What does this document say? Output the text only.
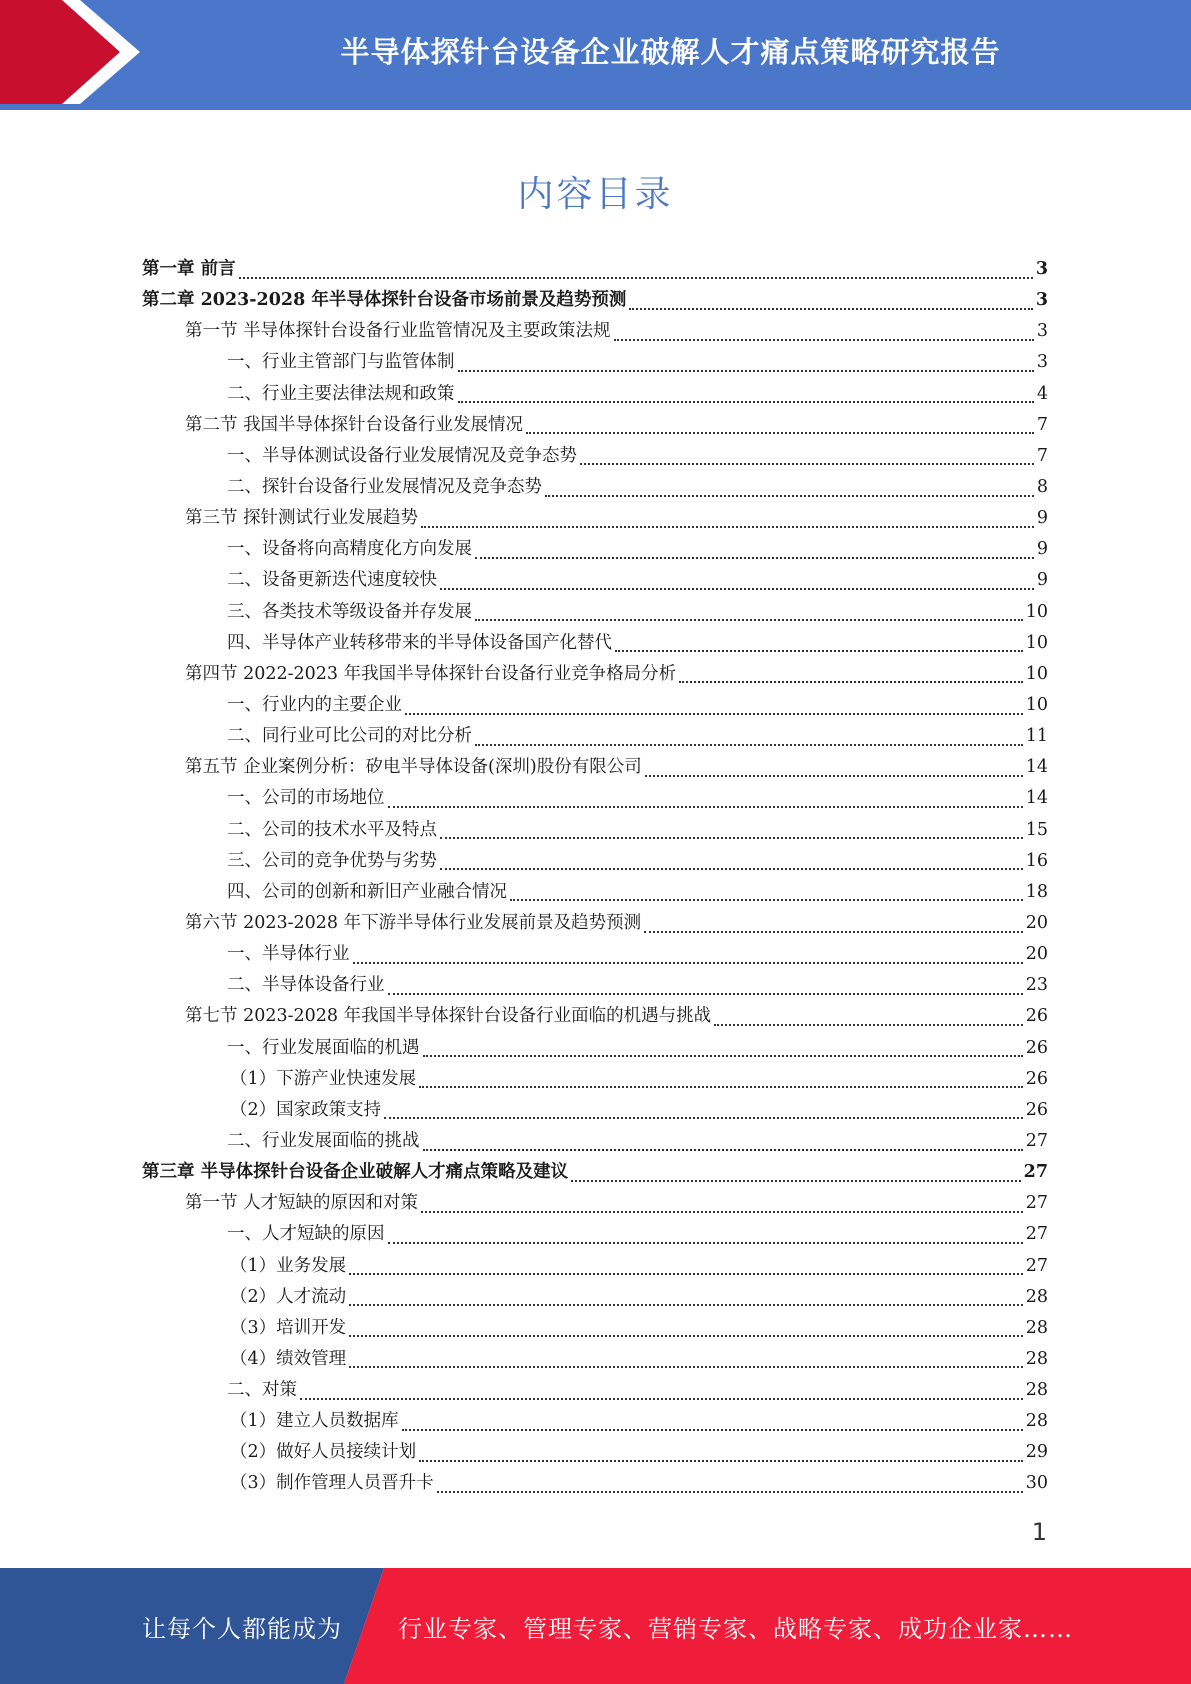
半导体探针台设备企业破解人才痛点策略研究报告
内容目录
第一章 前言	3
第二章 2023-2028 年半导体探针台设备市场前景及趋势预测	3
第一节 半导体探针台设备行业监管情况及主要政策法规	3
一、行业主管部门与监管体制	3
二、行业主要法律法规和政策	4
第二节 我国半导体探针台设备行业发展情况	7
一、半导体测试设备行业发展情况及竞争态势	7
二、探针台设备行业发展情况及竞争态势	8
第三节 探针测试行业发展趋势	9
一、设备将向高精度化方向发展	9
二、设备更新迭代速度较快	9
三、各类技术等级设备并存发展	10
四、半导体产业转移带来的半导体设备国产化替代	10
第四节 2022-2023 年我国半导体探针台设备行业竞争格局分析	10
一、行业内的主要企业	10
二、同行业可比公司的对比分析	11
第五节 企业案例分析：矽电半导体设备(深圳)股份有限公司	14
一、公司的市场地位	14
二、公司的技术水平及特点	15
三、公司的竞争优势与劣势	16
四、公司的创新和新旧产业融合情况	18
第六节 2023-2028 年下游半导体行业发展前景及趋势预测	20
一、半导体行业	20
二、半导体设备行业	23
第七节 2023-2028 年我国半导体探针台设备行业面临的机遇与挑战	26
一、行业发展面临的机遇	26
（1）下游产业快速发展	26
（2）国家政策支持	26
二、行业发展面临的挑战	27
第三章 半导体探针台设备企业破解人才痛点策略及建议	27
第一节 人才短缺的原因和对策	27
一、人才短缺的原因	27
（1）业务发展	27
（2）人才流动	28
（3）培训开发	28
（4）绩效管理	28
二、对策	28
（1）建立人员数据库	28
（2）做好人员接续计划	29
（3）制作管理人员晋升卡	30
1
让每个人都能成为 行业专家、管理专家、营销专家、战略专家、成功企业家……
